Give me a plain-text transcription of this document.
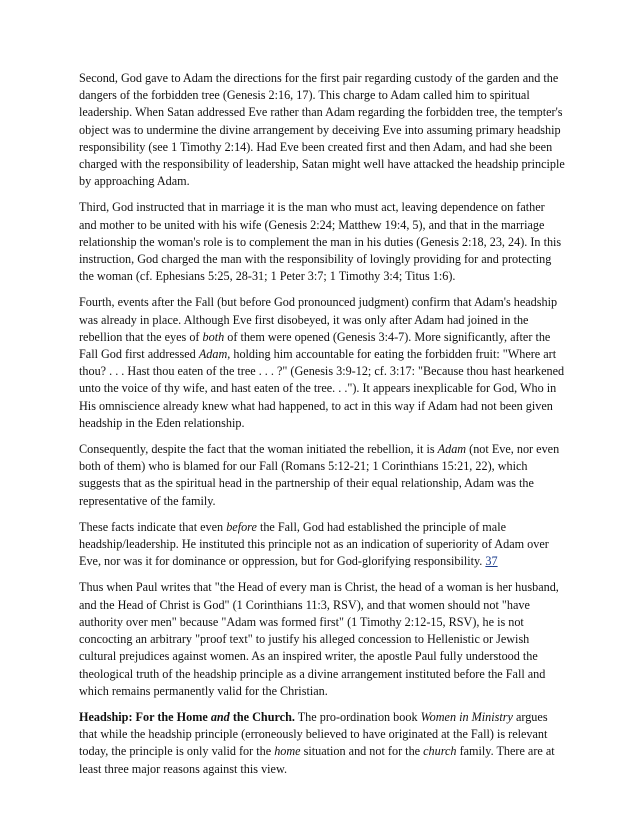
Second, God gave to Adam the directions for the first pair regarding custody of the garden and the dangers of the forbidden tree (Genesis 2:16, 17). This charge to Adam called him to spiritual leadership. When Satan addressed Eve rather than Adam regarding the forbidden tree, the tempter's object was to undermine the divine arrangement by deceiving Eve into assuming primary headship responsibility (see 1 Timothy 2:14). Had Eve been created first and then Adam, and had she been charged with the responsibility of leadership, Satan might well have attacked the headship principle by approaching Adam.

Third, God instructed that in marriage it is the man who must act, leaving dependence on father and mother to be united with his wife (Genesis 2:24; Matthew 19:4, 5), and that in the marriage relationship the woman's role is to complement the man in his duties (Genesis 2:18, 23, 24). In this instruction, God charged the man with the responsibility of lovingly providing for and protecting the woman (cf. Ephesians 5:25, 28-31; 1 Peter 3:7; 1 Timothy 3:4; Titus 1:6).

Fourth, events after the Fall (but before God pronounced judgment) confirm that Adam's headship was already in place. Although Eve first disobeyed, it was only after Adam had joined in the rebellion that the eyes of both of them were opened (Genesis 3:4-7). More significantly, after the Fall God first addressed Adam, holding him accountable for eating the forbidden fruit: "Where art thou? . . . Hast thou eaten of the tree . . . ?" (Genesis 3:9-12; cf. 3:17: "Because thou hast hearkened unto the voice of thy wife, and hast eaten of the tree. . ."). It appears inexplicable for God, Who in His omniscience already knew what had happened, to act in this way if Adam had not been given headship in the Eden relationship.

Consequently, despite the fact that the woman initiated the rebellion, it is Adam (not Eve, nor even both of them) who is blamed for our Fall (Romans 5:12-21; 1 Corinthians 15:21, 22), which suggests that as the spiritual head in the partnership of their equal relationship, Adam was the representative of the family.

These facts indicate that even before the Fall, God had established the principle of male headship/leadership. He instituted this principle not as an indication of superiority of Adam over Eve, nor was it for dominance or oppression, but for God-glorifying responsibility. 37

Thus when Paul writes that "the Head of every man is Christ, the head of a woman is her husband, and the Head of Christ is God" (1 Corinthians 11:3, RSV), and that women should not "have authority over men" because "Adam was formed first" (1 Timothy 2:12-15, RSV), he is not concocting an arbitrary "proof text" to justify his alleged concession to Hellenistic or Jewish cultural prejudices against women. As an inspired writer, the apostle Paul fully understood the theological truth of the headship principle as a divine arrangement instituted before the Fall and which remains permanently valid for the Christian.

Headship: For the Home and the Church. The pro-ordination book Women in Ministry argues that while the headship principle (erroneously believed to have originated at the Fall) is relevant today, the principle is only valid for the home situation and not for the church family. There are at least three major reasons against this view.
